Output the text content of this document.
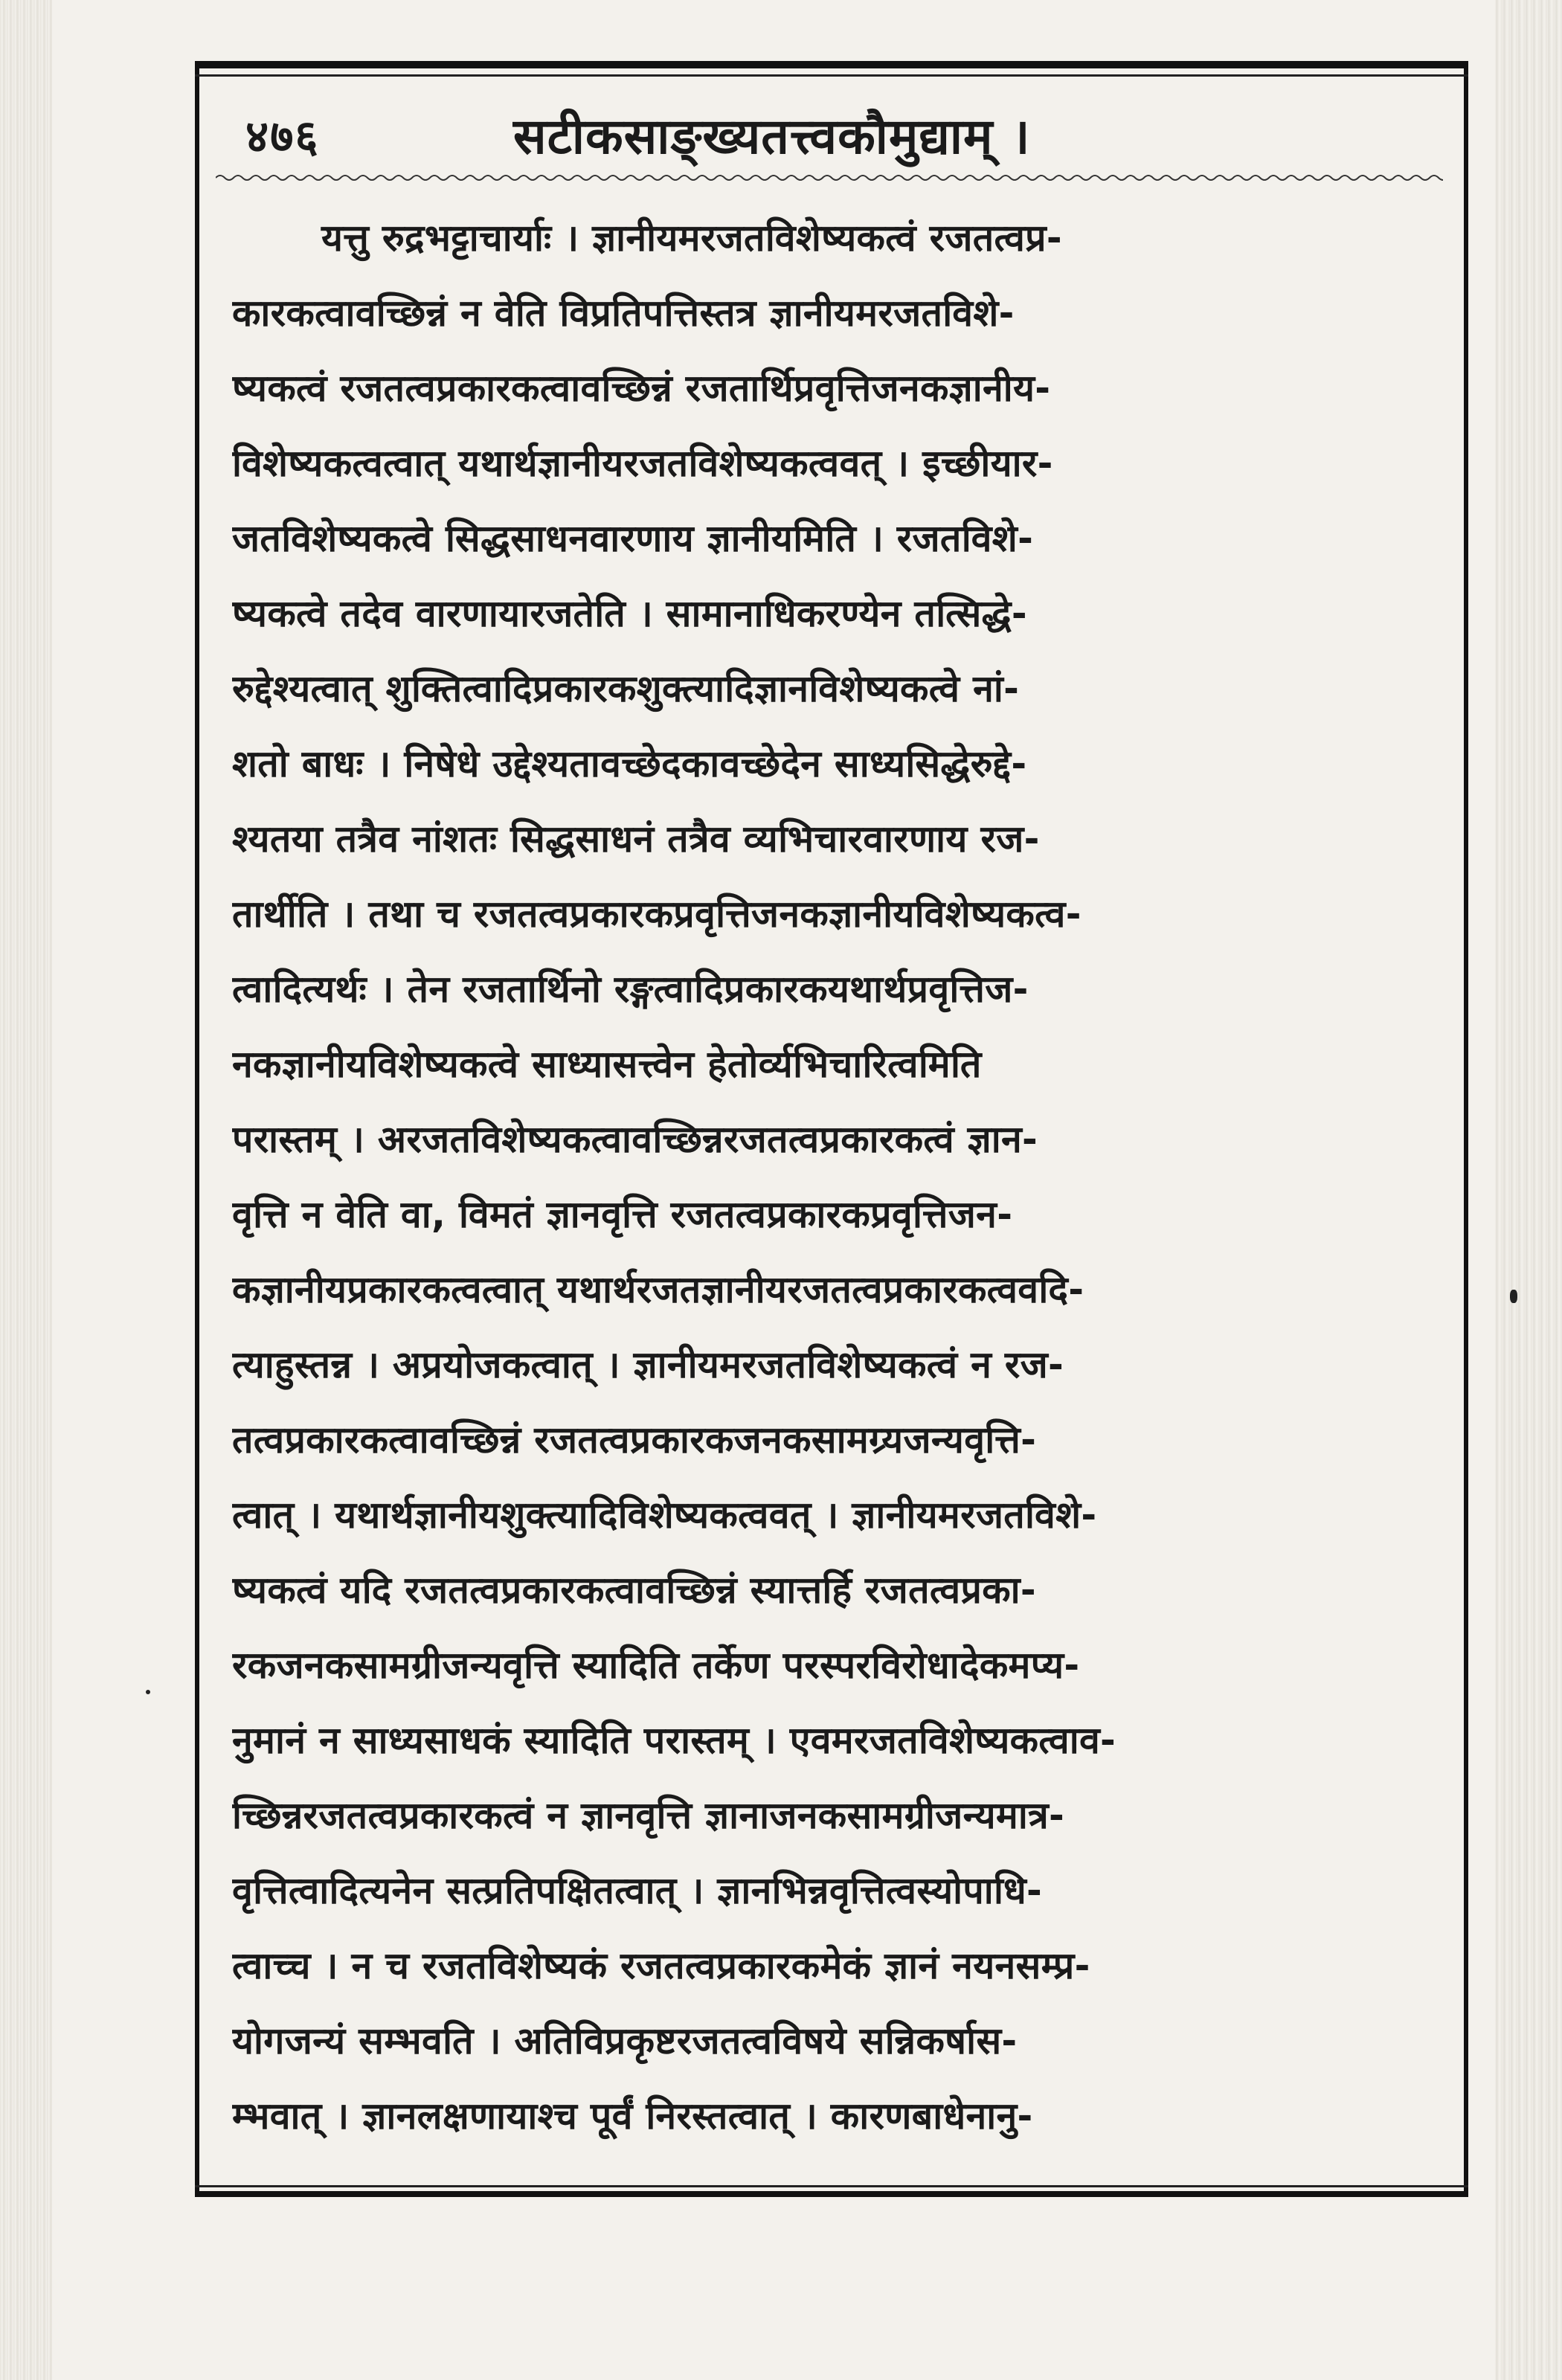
४७६	सटीकसाङ्ख्यतत्त्वकौमुद्याम् ।
यत्तु रुद्रभट्टाचार्याः । ज्ञानीयमरजतविशेष्यकत्वं रजतत्वप्र-
कारकत्वावच्छिन्नं न वेति विप्रतिपत्तिस्तत्र ज्ञानीयमरजतविशे-
ष्यकत्वं रजतत्वप्रकारकत्वावच्छिन्नं रजतार्थिप्रवृत्तिजनकज्ञानीय-
विशेष्यकत्वत्वात् यथार्थज्ञानीयरजतविशेष्यकत्ववत् । इच्छीयार-
जतविशेष्यकत्वे सिद्धसाधनवारणाय ज्ञानीयमिति । रजतविशे-
ष्यकत्वे तदेव वारणायारजतेति । सामानाधिकरण्येन तत्सिद्धे-
रुद्देश्यत्वात् शुक्तित्वादिप्रकारकशुक्त्यादिज्ञानविशेष्यकत्वे नां-
शतो बाधः । निषेधे उद्देश्यतावच्छेदकावच्छेदेन साध्यसिद्धेरुद्दे-
श्यतया तत्रैव नांशतः सिद्धसाधनं तत्रैव व्यभिचारवारणाय रज-
तार्थीति । तथा च रजतत्वप्रकारकप्रवृत्तिजनकज्ञानीयविशेष्यकत्व-
त्वादित्यर्थः । तेन रजतार्थिनो रङ्गत्वादिप्रकारकयथार्थप्रवृत्तिज-
नकज्ञानीयविशेष्यकत्वे साध्यासत्त्वेन हेतोर्व्यभिचारित्वमिति
परास्तम् । अरजतविशेष्यकत्वावच्छिन्नरजतत्वप्रकारकत्वं ज्ञान-
वृत्ति न वेति वा, विमतं ज्ञानवृत्ति रजतत्वप्रकारकप्रवृत्तिजन-
कज्ञानीयप्रकारकत्वत्वात् यथार्थरजतज्ञानीयरजतत्वप्रकारकत्ववदि-
त्याहुस्तन्न । अप्रयोजकत्वात् । ज्ञानीयमरजतविशेष्यकत्वं न रज-
तत्वप्रकारकत्वावच्छिन्नं रजतत्वप्रकारकजनकसामग्र्यजन्यवृत्ति-
त्वात् । यथार्थज्ञानीयशुक्त्यादिविशेष्यकत्ववत् । ज्ञानीयमरजतविशे-
ष्यकत्वं यदि रजतत्वप्रकारकत्वावच्छिन्नं स्यात्तर्हि रजतत्वप्रका-
रकजनकसामग्रीजन्यवृत्ति स्यादिति तर्केण परस्परविरोधादेकमप्य-
नुमानं न साध्यसाधकं स्यादिति परास्तम् । एवमरजतविशेष्यकत्वाव-
च्छिन्नरजतत्वप्रकारकत्वं न ज्ञानवृत्ति ज्ञानाजनकसामग्रीजन्यमात्र-
वृत्तित्वादित्यनेन सत्प्रतिपक्षितत्वात् । ज्ञानभिन्नवृत्तित्वस्योपाधि-
त्वाच्च । न च रजतविशेष्यकं रजतत्वप्रकारकमेकं ज्ञानं नयनसम्प्र-
योगजन्यं सम्भवति । अतिविप्रकृष्टरजतत्वविषये सन्निकर्षास-
म्भवात् । ज्ञानलक्षणायाश्च पूर्वं निरस्तत्वात् । कारणबाधेनानु-
